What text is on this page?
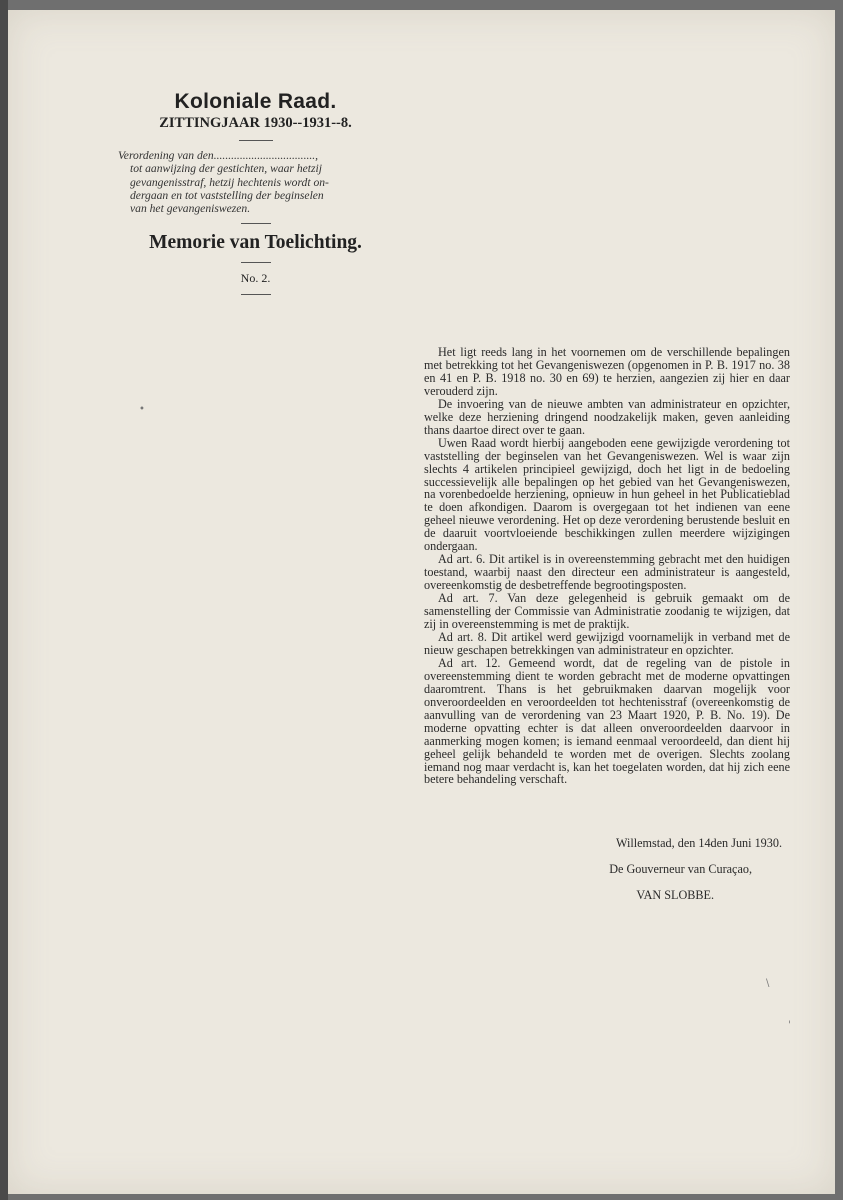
Koloniale Raad.
ZITTINGJAAR 1930--1931--8.
Verordening van den...................................,
tot aanwijzing der gestichten, waar hetzij
gevangenisstraf, hetzij hechtenis wordt on-
dergaan en tot vaststelling der beginselen
van het gevangeniswezen.
Memorie van Toelichting.
No. 2.

Het ligt reeds lang in het voornemen om de verschillende bepalingen met betrekking tot het Gevangeniswezen (opgenomen in P. B. 1917 no. 38 en 41 en P. B. 1918 no. 30 en 69) te herzien, aangezien zij hier en daar verouderd zijn.

De invoering van de nieuwe ambten van administrateur en opzichter, welke deze herziening dringend noodzakelijk maken, geven aanleiding thans daartoe direct over te gaan.

Uwen Raad wordt hierbij aangeboden eene gewijzigde verordening tot vaststelling der beginselen van het Gevangeniswezen. Wel is waar zijn slechts 4 artikelen principieel gewijzigd, doch het ligt in de bedoeling successievelijk alle bepalingen op het gebied van het Gevangeniswezen, na vorenbedoelde herziening, opnieuw in hun geheel in het Publicatieblad te doen afkondigen. Daarom is overgegaan tot het indienen van eene geheel nieuwe verordening. Het op deze verordening berustende besluit en de daaruit voortvloeiende beschikkingen zullen meerdere wijzigingen ondergaan.

Ad art. 6. Dit artikel is in overeenstemming gebracht met den huidigen toestand, waarbij naast den directeur een administrateur is aangesteld, overeenkomstig de desbetreffende begrootingsposten.

Ad art. 7. Van deze gelegenheid is gebruik gemaakt om de samenstelling der Commissie van Administratie zoodanig te wijzigen, dat zij in overeenstemming is met de praktijk.

Ad art. 8. Dit artikel werd gewijzigd voornamelijk in verband met de nieuw geschapen betrekkingen van administrateur en opzichter.

Ad art. 12. Gemeend wordt, dat de regeling van de pistole in overeenstemming dient te worden gebracht met de moderne opvattingen daaromtrent. Thans is het gebruikmaken daarvan mogelijk voor onveroordeelden en veroordeelden tot hechtenisstraf (overeenkomstig de aanvulling van de verordening van 23 Maart 1920, P. B. No. 19). De moderne opvatting echter is dat alleen onveroordeelden daarvoor in aanmerking mogen komen; is iemand eenmaal veroordeeld, dan dient hij geheel gelijk behandeld te worden met de overigen. Slechts zoolang iemand nog maar verdacht is, kan het toegelaten worden, dat hij zich eene betere behandeling verschaft.

Willemstad, den 14den Juni 1930.
De Gouverneur van Curaçao,
VAN SLOBBE.
•
\
'
